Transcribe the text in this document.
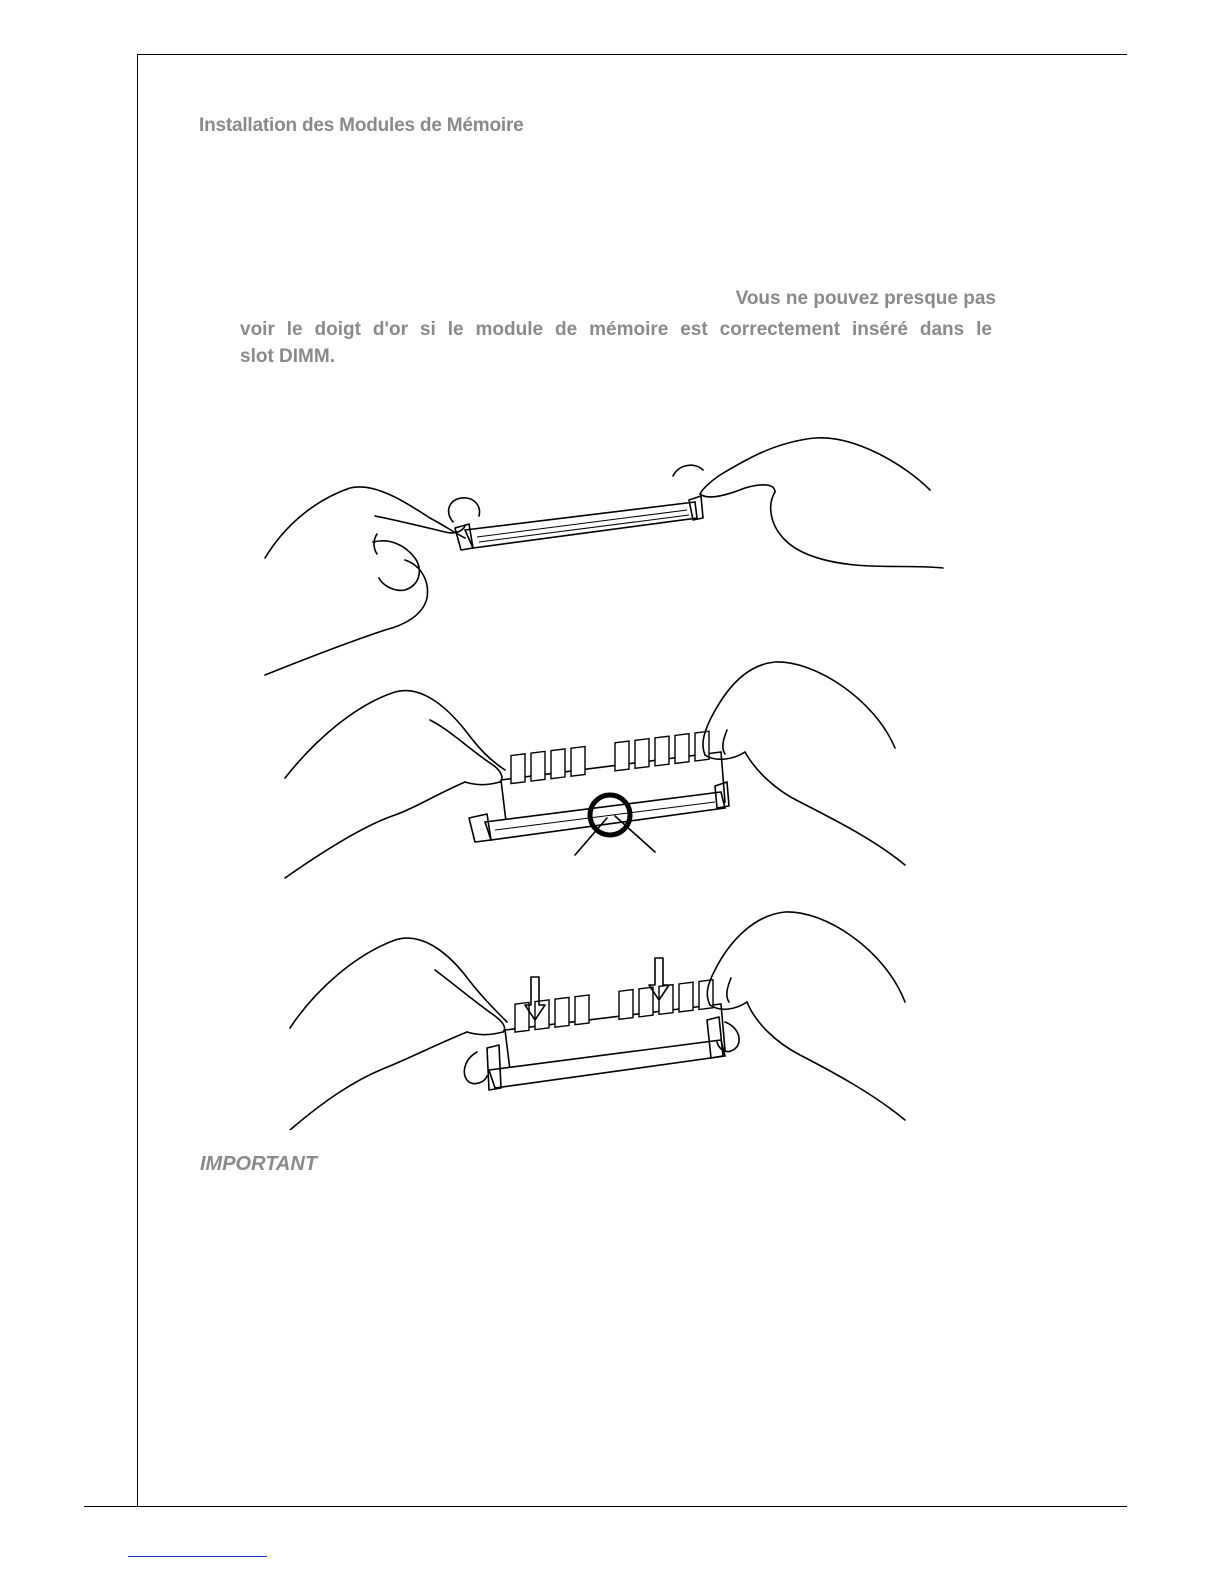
Installation des Modules de Mémoire
Vous ne pouvez presque pas
voir le doigt d'or si le module de mémoire est correctement inséré dans le
slot DIMM.
IMPORTANT
